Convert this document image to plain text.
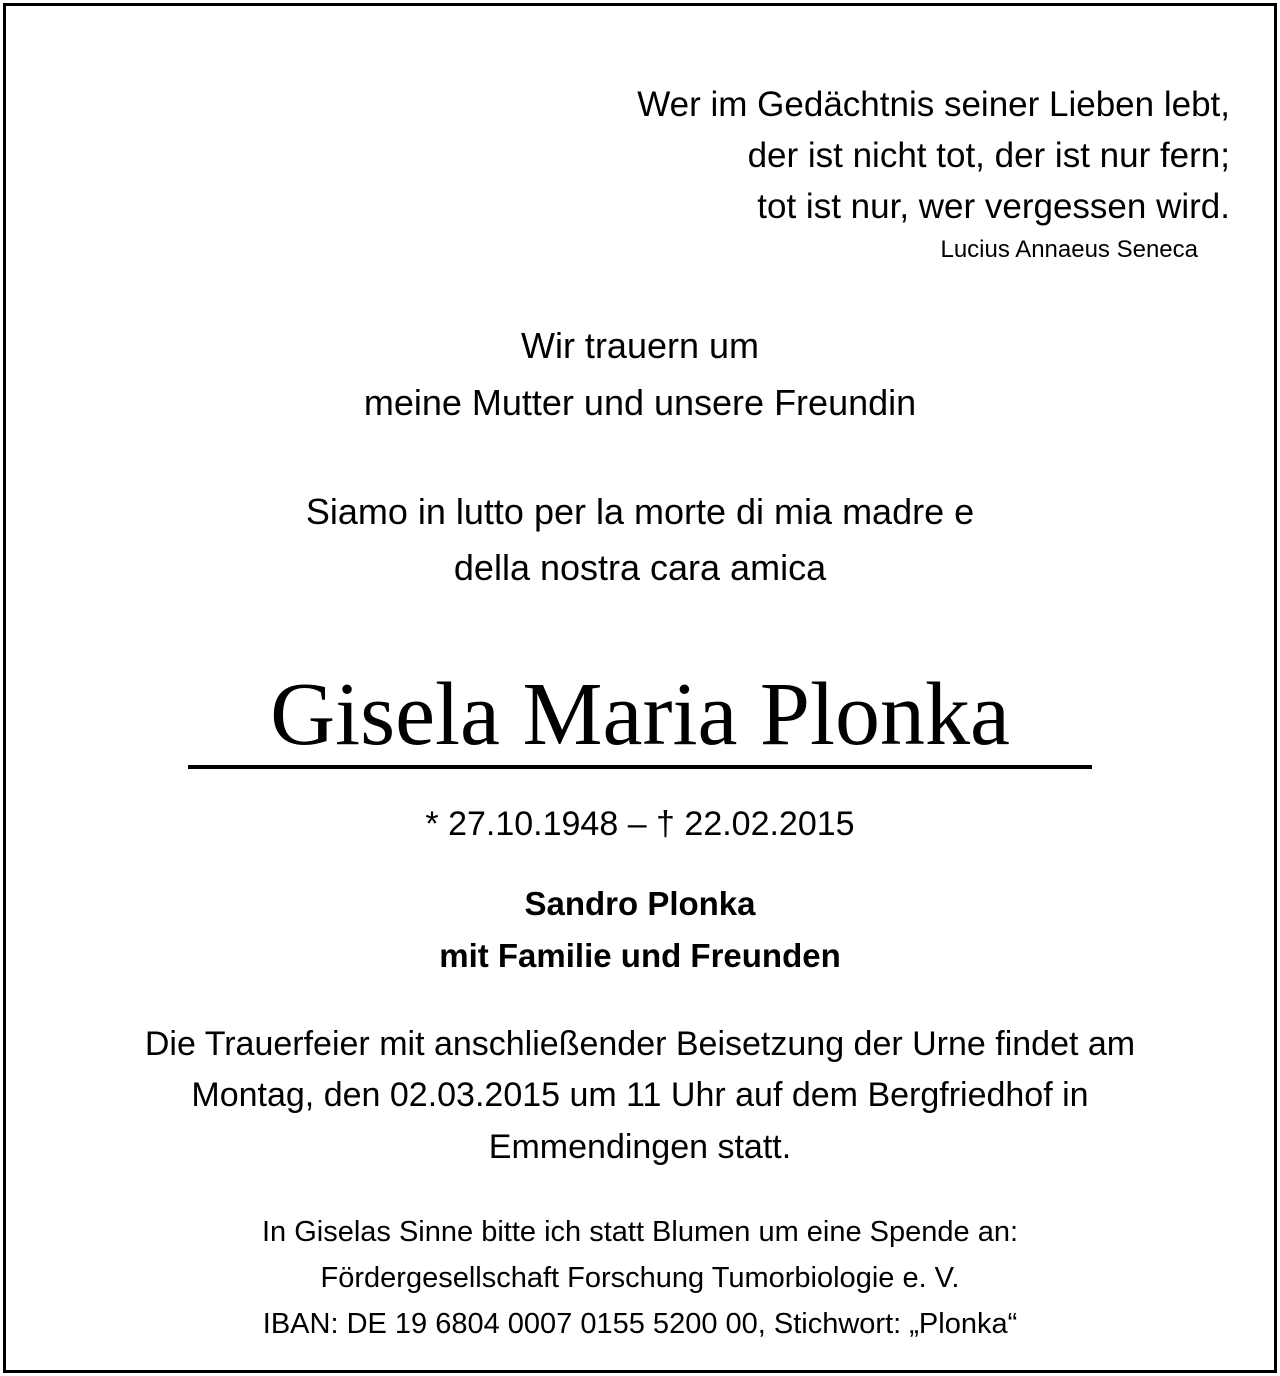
Wer im Gedächtnis seiner Lieben lebt,
der ist nicht tot, der ist nur fern;
tot ist nur, wer vergessen wird.
Lucius Annaeus Seneca
Wir trauern um
meine Mutter und unsere Freundin
Siamo in lutto per la morte di mia madre e
della nostra cara amica
Gisela Maria Plonka
* 27.10.1948 – † 22.02.2015
Sandro Plonka
mit Familie und Freunden
Die Trauerfeier mit anschließender Beisetzung der Urne findet am
Montag, den 02.03.2015 um 11 Uhr auf dem Bergfriedhof in
Emmendingen statt.
In Giselas Sinne bitte ich statt Blumen um eine Spende an:
Fördergesellschaft Forschung Tumorbiologie e. V.
IBAN: DE 19 6804 0007 0155 5200 00, Stichwort: „Plonka“
